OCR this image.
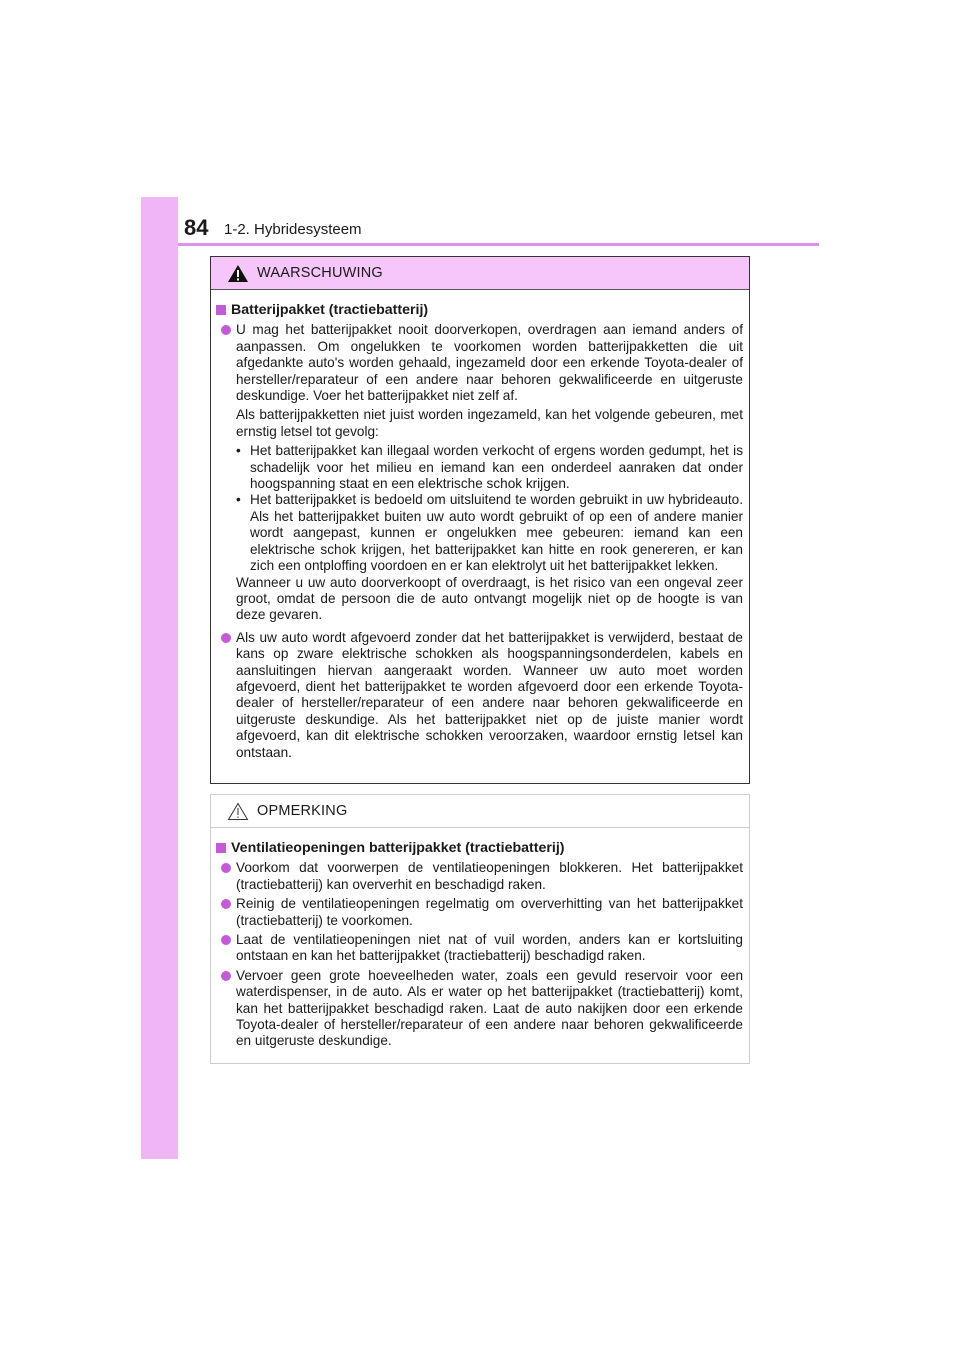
84 1-2. Hybridesysteem
WAARSCHUWING
Batterijpakket (tractiebatterij)

U mag het batterijpakket nooit doorverkopen, overdragen aan iemand anders of aanpassen. Om ongelukken te voorkomen worden batterijpakketten die uit afgedankte auto's worden gehaald, ingezameld door een erkende Toyota-dealer of hersteller/reparateur of een andere naar behoren gekwalificeerde en uitgeruste deskundige. Voer het batterijpakket niet zelf af.

Als batterijpakketten niet juist worden ingezameld, kan het volgende gebeuren, met ernstig letsel tot gevolg:

• Het batterijpakket kan illegaal worden verkocht of ergens worden gedumpt, het is schadelijk voor het milieu en iemand kan een onderdeel aanraken dat onder hoogspanning staat en een elektrische schok krijgen.
• Het batterijpakket is bedoeld om uitsluitend te worden gebruikt in uw hybrideauto. Als het batterijpakket buiten uw auto wordt gebruikt of op een of andere manier wordt aangepast, kunnen er ongelukken mee gebeuren: iemand kan een elektrische schok krijgen, het batterijpakket kan hitte en rook genereren, er kan zich een ontploffing voordoen en er kan elektrolyt uit het batterijpakket lekken.

Wanneer u uw auto doorverkoopt of overdraagt, is het risico van een ongeval zeer groot, omdat de persoon die de auto ontvangt mogelijk niet op de hoogte is van deze gevaren.

Als uw auto wordt afgevoerd zonder dat het batterijpakket is verwijderd, bestaat de kans op zware elektrische schokken als hoogspanningsonderdelen, kabels en aansluitingen hiervan aangeraakt worden. Wanneer uw auto moet worden afgevoerd, dient het batterijpakket te worden afgevoerd door een erkende Toyota-dealer of hersteller/reparateur of een andere naar behoren gekwalificeerde en uitgeruste deskundige. Als het batterijpakket niet op de juiste manier wordt afgevoerd, kan dit elektrische schokken veroorzaken, waardoor ernstig letsel kan ontstaan.
OPMERKING
Ventilatieopeningen batterijpakket (tractiebatterij)
Voorkom dat voorwerpen de ventilatieopeningen blokkeren. Het batterijpakket (tractiebatterij) kan oververhit en beschadigd raken.
Reinig de ventilatieopeningen regelmatig om oververhitting van het batterijpakket (tractiebatterij) te voorkomen.
Laat de ventilatieopeningen niet nat of vuil worden, anders kan er kortsluiting ontstaan en kan het batterijpakket (tractiebatterij) beschadigd raken.
Vervoer geen grote hoeveelheden water, zoals een gevuld reservoir voor een waterdispenser, in de auto. Als er water op het batterijpakket (tractiebatterij) komt, kan het batterijpakket beschadigd raken. Laat de auto nakijken door een erkende Toyota-dealer of hersteller/reparateur of een andere naar behoren gekwalificeerde en uitgeruste deskundige.
